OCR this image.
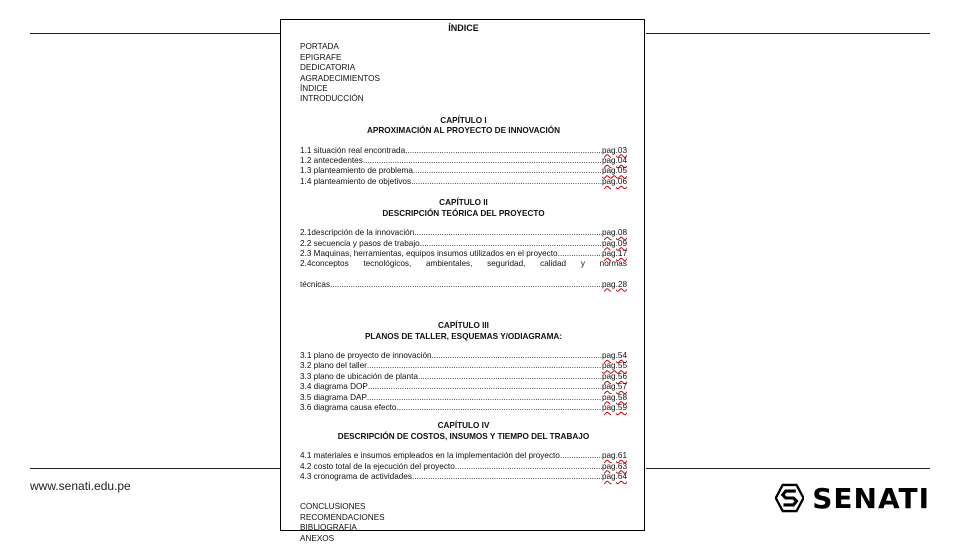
www.senati.edu.pe	SENATI
ÍNDICE
PORTADA
EPIGRAFE
DEDICATORIA
AGRADECIMIENTOS
ÍNDICE
INTRODUCCIÓN
CAPÍTULO I
APROXIMACIÓN AL PROYECTO DE INNOVACIÓN
1.1 situación real encontrada .....	pag.03
1.2 antecedentes .....	pag.04
1.3 planteamiento de problema .....	pag.05
1.4 planteamiento de objetivos .....	pag.06
CAPÍTULO II
DESCRIPCIÓN TEÓRICA DEL PROYECTO
2.1descripción de la innovación .....	pag.08
2.2 secuencia y pasos de trabajo .....	pag.09
2.3 Maquinas, herramientas, equipos insumos utilizados en el proyecto .....	pag.17
2.4conceptos tecnológicos, ambientales, seguridad, calidad y normas
técnicas .....	pag.28
CAPÍTULO III
PLANOS DE TALLER, ESQUEMAS Y/ODIAGRAMA:
3.1 plano de proyecto de innovación .....	pag.54
3.2 plano del taller .....	pag.55
3.3 plano de ubicación de planta .....	pag.56
3.4 diagrama DOP .....	pag.57
3.5 diagrama DAP .....	pag.58
3.6 diagrama causa efecto .....	pag.59
CAPÍTULO IV
DESCRIPCIÓN DE COSTOS, INSUMOS Y TIEMPO DEL TRABAJO
4.1 materiales e insumos empleados en la implementación del proyecto .....	pag.61
4.2 costo total de la ejecución del proyecto .....	pag.63
4.3 cronograma de actividades .....	pag.64
CONCLUSIONES
RECOMENDACIONES
BIBLIOGRAFIA
ANEXOS
